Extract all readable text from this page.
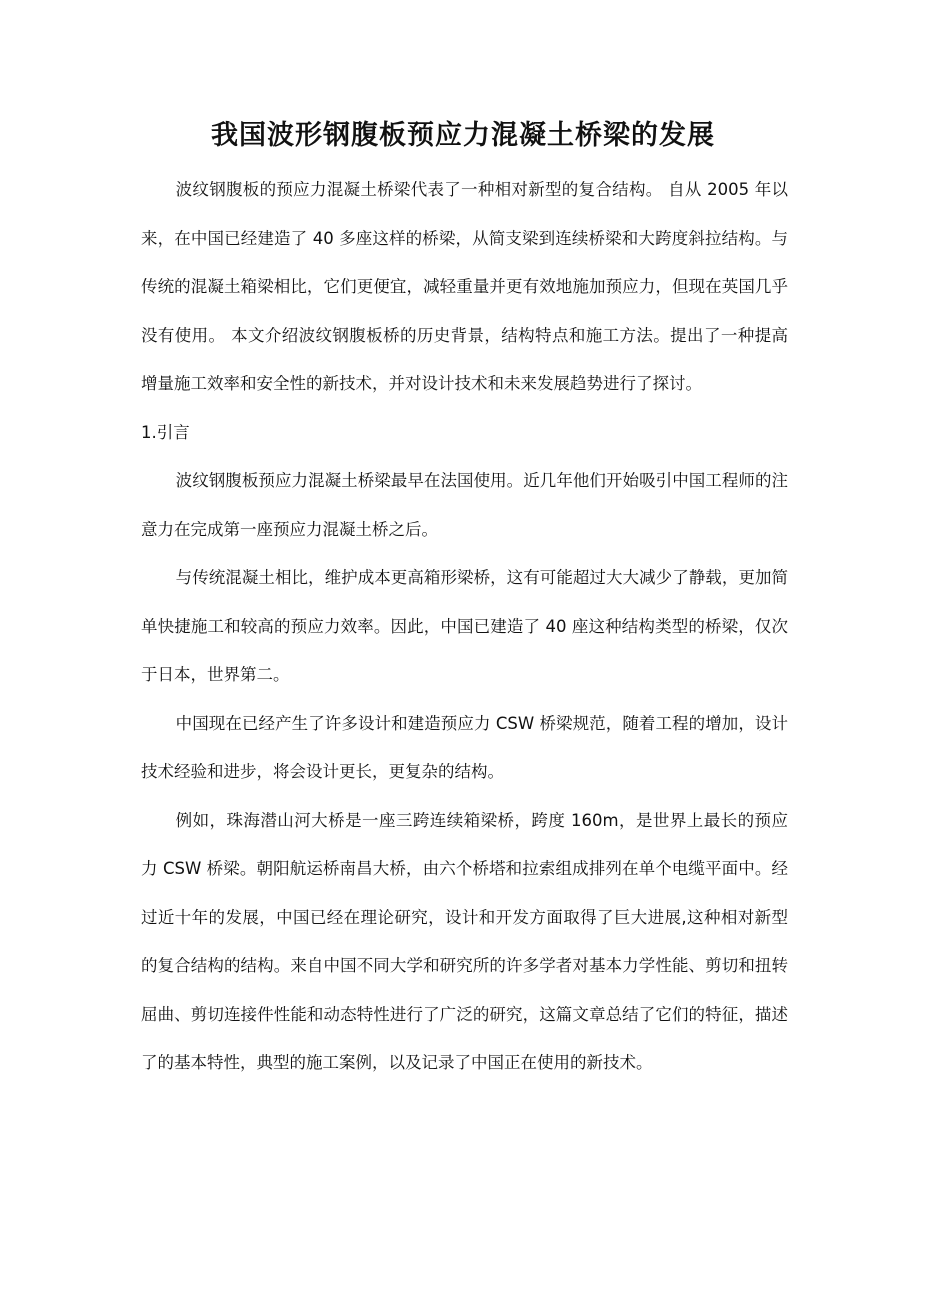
我国波形钢腹板预应力混凝土桥梁的发展

波纹钢腹板的预应力混凝土桥梁代表了一种相对新型的复合结构。 自从 2005 年以来，在中国已经建造了 40 多座这样的桥梁，从简支梁到连续桥梁和大跨度斜拉结构。与传统的混凝土箱梁相比，它们更便宜，减轻重量并更有效地施加预应力，但现在英国几乎没有使用。 本文介绍波纹钢腹板桥的历史背景，结构特点和施工方法。提出了一种提高增量施工效率和安全性的新技术，并对设计技术和未来发展趋势进行了探讨。

1.引言

波纹钢腹板预应力混凝土桥梁最早在法国使用。近几年他们开始吸引中国工程师的注意力在完成第一座预应力混凝土桥之后。

与传统混凝土相比，维护成本更高箱形梁桥，这有可能超过大大减少了静载，更加简单快捷施工和较高的预应力效率。因此，中国已建造了 40 座这种结构类型的桥梁，仅次于日本，世界第二。

中国现在已经产生了许多设计和建造预应力 CSW 桥梁规范，随着工程的增加，设计技术经验和进步，将会设计更长，更复杂的结构。

例如，珠海潜山河大桥是一座三跨连续箱梁桥，跨度 160m，是世界上最长的预应力 CSW 桥梁。朝阳航运桥南昌大桥，由六个桥塔和拉索组成排列在单个电缆平面中。经过近十年的发展，中国已经在理论研究，设计和开发方面取得了巨大进展,这种相对新型的复合结构的结构。来自中国不同大学和研究所的许多学者对基本力学性能、剪切和扭转屈曲、剪切连接件性能和动态特性进行了广泛的研究，这篇文章总结了它们的特征，描述了的基本特性，典型的施工案例，以及记录了中国正在使用的新技术。
